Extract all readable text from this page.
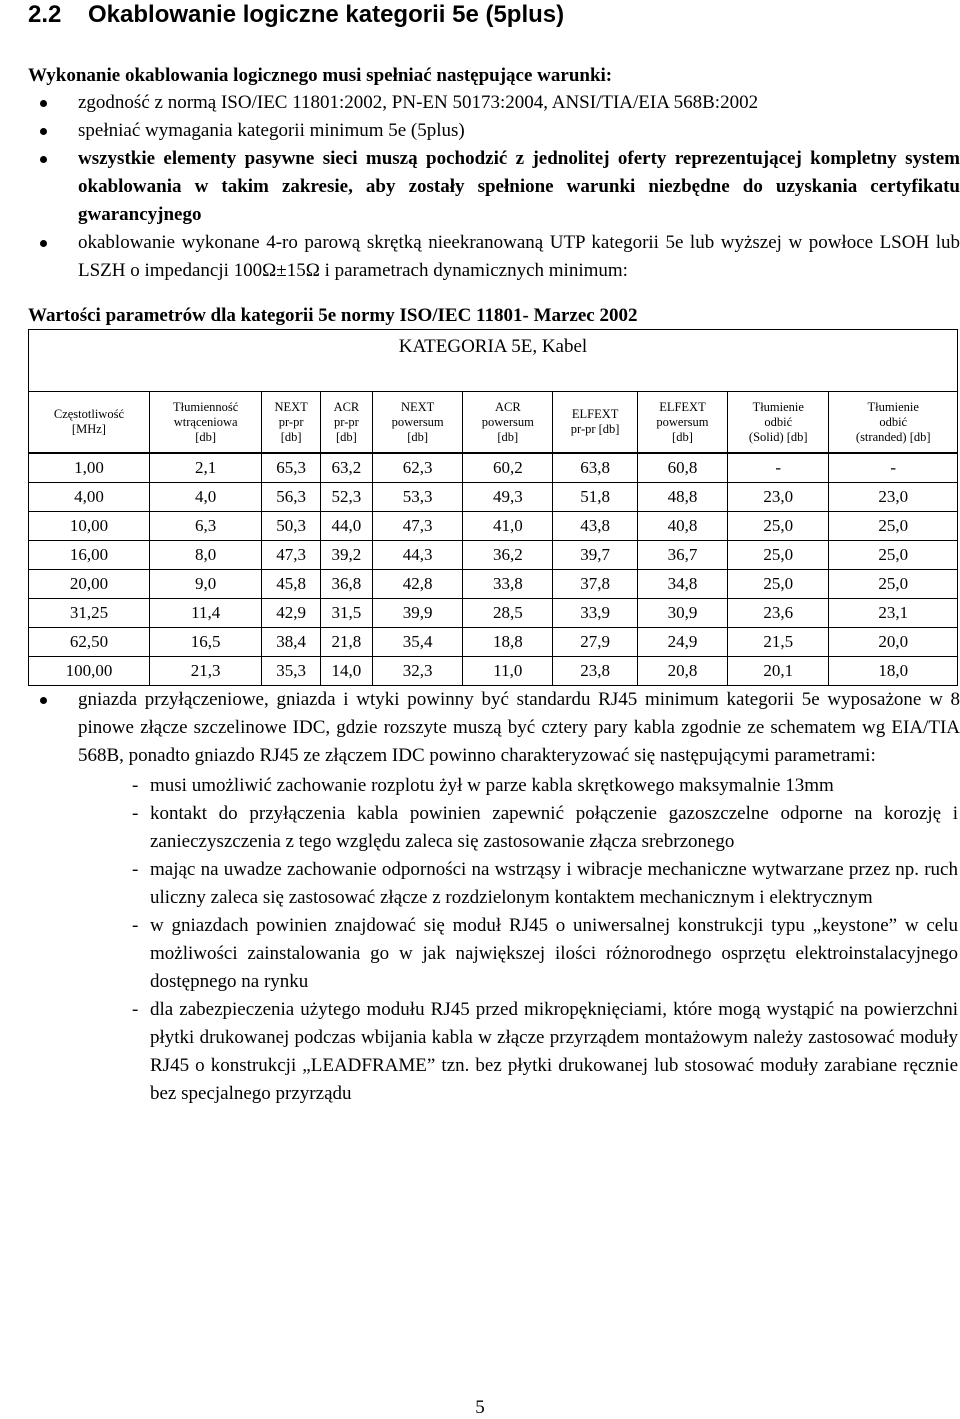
2.2 Okablowanie logiczne kategorii 5e (5plus)

Wykonanie okablowania logicznego musi spełniać następujące warunki:

zgodność z normą ISO/IEC 11801:2002, PN-EN 50173:2004, ANSI/TIA/EIA 568B:2002
spełniać wymagania kategorii minimum 5e (5plus)
wszystkie elementy pasywne sieci muszą pochodzić z jednolitej oferty reprezentującej kompletny system okablowania w takim zakresie, aby zostały spełnione warunki niezbędne do uzyskania certyfikatu gwarancyjnego
okablowanie wykonane 4-ro parową skrętką nieekranowaną UTP kategorii 5e lub wyższej w powłoce LSOH lub LSZH o impedancji 100Ω±15Ω i parametrach dynamicznych minimum:

Wartości parametrów dla kategorii 5e normy ISO/IEC 11801- Marzec 2002

KATEGORIA 5E, Kabel									
Częstotliwość
[MHz]	Tłumienność
wtrąceniowa
[db]	NEXT
pr-pr
[db]	ACR
pr-pr
[db]	NEXT
powersum
[db]	ACR
powersum
[db]	ELFEXT
pr-pr [db]	ELFEXT
powersum
[db]	Tłumienie
odbić
(Solid) [db]	Tłumienie
odbić
(stranded) [db]
1,00	2,1	65,3	63,2	62,3	60,2	63,8	60,8	-	-
4,00	4,0	56,3	52,3	53,3	49,3	51,8	48,8	23,0	23,0
10,00	6,3	50,3	44,0	47,3	41,0	43,8	40,8	25,0	25,0
16,00	8,0	47,3	39,2	44,3	36,2	39,7	36,7	25,0	25,0
20,00	9,0	45,8	36,8	42,8	33,8	37,8	34,8	25,0	25,0
31,25	11,4	42,9	31,5	39,9	28,5	33,9	30,9	23,6	23,1
62,50	16,5	38,4	21,8	35,4	18,8	27,9	24,9	21,5	20,0
100,00	21,3	35,3	14,0	32,3	11,0	23,8	20,8	20,1	18,0
gniazda przyłączeniowe, gniazda i wtyki powinny być standardu RJ45 minimum kategorii 5e wyposażone w 8 pinowe złącze szczelinowe IDC, gdzie rozszyte muszą być cztery pary kabla zgodnie ze schematem wg EIA/TIA 568B, ponadto gniazdo RJ45 ze złączem IDC powinno charakteryzować się następującymi parametrami:
- musi umożliwić zachowanie rozplotu żył w parze kabla skrętkowego maksymalnie 13mm
- kontakt do przyłączenia kabla powinien zapewnić połączenie gazoszczelne odporne na korozję i zanieczyszczenia z tego względu zaleca się zastosowanie złącza srebrzonego
- mając na uwadze zachowanie odporności na wstrząsy i wibracje mechaniczne wytwarzane przez np. ruch uliczny zaleca się zastosować złącze z rozdzielonym kontaktem mechanicznym i elektrycznym
- w gniazdach powinien znajdować się moduł RJ45 o uniwersalnej konstrukcji typu „keystone” w celu możliwości zainstalowania go w jak największej ilości różnorodnego osprzętu elektroinstalacyjnego dostępnego na rynku
- dla zabezpieczenia użytego modułu RJ45 przed mikropęknięciami, które mogą wystąpić na powierzchni płytki drukowanej podczas wbijania kabla w złącze przyrządem montażowym należy zastosować moduły RJ45 o konstrukcji „LEADFRAME” tzn. bez płytki drukowanej lub stosować moduły zarabiane ręcznie bez specjalnego przyrządu
5
